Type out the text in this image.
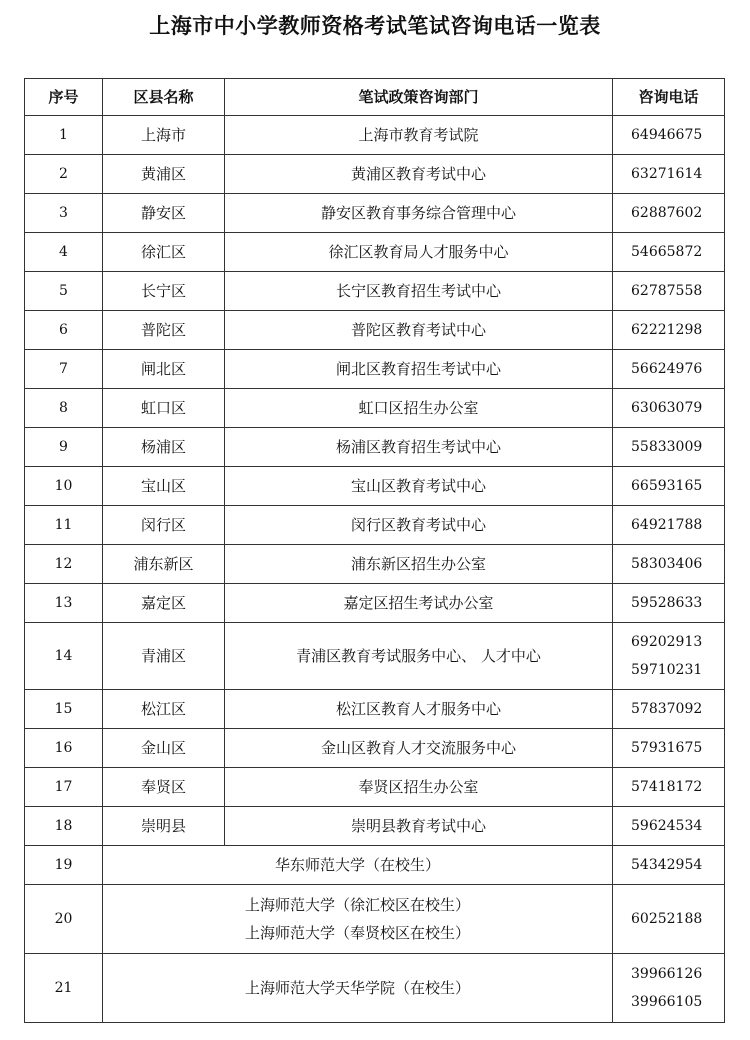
上海市中小学教师资格考试笔试咨询电话一览表
序号	区县名称	笔试政策咨询部门	咨询电话
1	上海市	上海市教育考试院	64946675
2	黄浦区	黄浦区教育考试中心	63271614
3	静安区	静安区教育事务综合管理中心	62887602
4	徐汇区	徐汇区教育局人才服务中心	54665872
5	长宁区	长宁区教育招生考试中心	62787558
6	普陀区	普陀区教育考试中心	62221298
7	闸北区	闸北区教育招生考试中心	56624976
8	虹口区	虹口区招生办公室	63063079
9	杨浦区	杨浦区教育招生考试中心	55833009
10	宝山区	宝山区教育考试中心	66593165
11	闵行区	闵行区教育考试中心	64921788
12	浦东新区	浦东新区招生办公室	58303406
13	嘉定区	嘉定区招生考试办公室	59528633
14	青浦区	青浦区教育考试服务中心、 人才中心	69202913
59710231

15	松江区	松江区教育人才服务中心	57837092
16	金山区	金山区教育人才交流服务中心	57931675
17	奉贤区	奉贤区招生办公室	57418172
18	崇明县	崇明县教育考试中心	59624534
19	华东师范大学（在校生）		54342954
20	上海师范大学（徐汇校区在校生）
上海师范大学（奉贤校区在校生）		60252188
21	上海师范大学天华学院（在校生）		39966126
39966105
